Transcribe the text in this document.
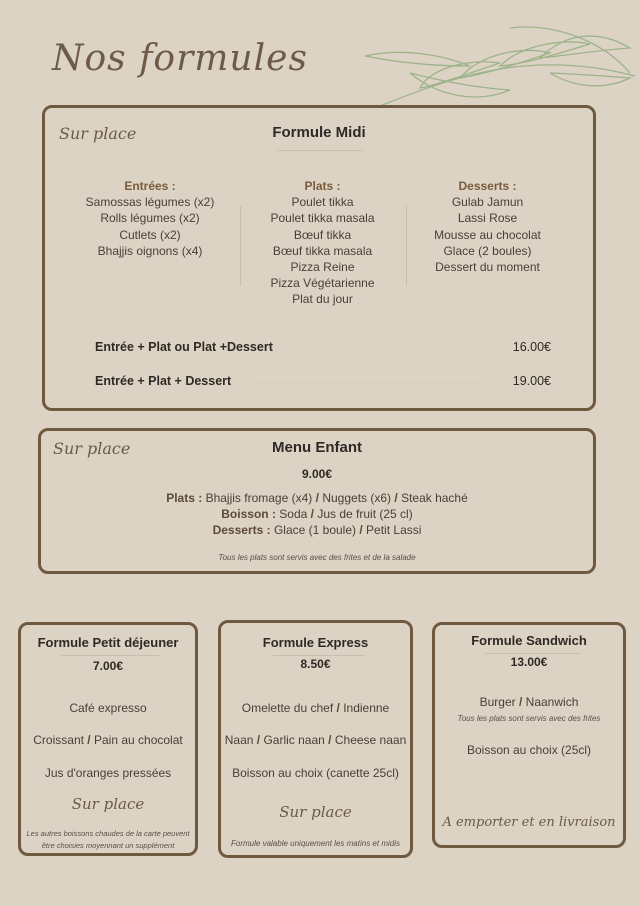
Nos formules
Sur place	Formule Midi
Entrées :
Samossas légumes (x2)
Rolls légumes (x2)
Cutlets (x2)
Bhajjis oignons (x4)
Plats :
Poulet tikka
Poulet tikka masala
Bœuf tikka
Bœuf tikka masala
Pizza Reine
Pizza Végétarienne
Plat du jour
Desserts :
Gulab Jamun
Lassi Rose
Mousse au chocolat
Glace (2 boules)
Dessert du moment
Entrée + Plat ou Plat +Dessert	16.00€
Entrée + Plat + Dessert	19.00€
Sur place	Menu Enfant
9.00€
Plats : Bhajjis fromage (x4) / Nuggets (x6) / Steak haché
Boisson : Soda / Jus de fruit (25 cl)
Desserts : Glace (1 boule) / Petit Lassi
Tous les plats sont servis avec des frites et de la salade
Formule Petit déjeuner
7.00€
Café expresso
Croissant / Pain au chocolat
Jus d'oranges pressées
Sur place
Les autres boissons chaudes de la carte peuvent
être choisies moyennant un supplément
Formule Express
8.50€
Omelette du chef / Indienne
Naan / Garlic naan / Cheese naan
Boisson au choix (canette 25cl)
Sur place
Formule valable uniquement les matins et midis
Formule Sandwich
13.00€
Burger / Naanwich
Tous les plats sont servis avec des frites
Boisson au choix (25cl)
A emporter et en livraison
